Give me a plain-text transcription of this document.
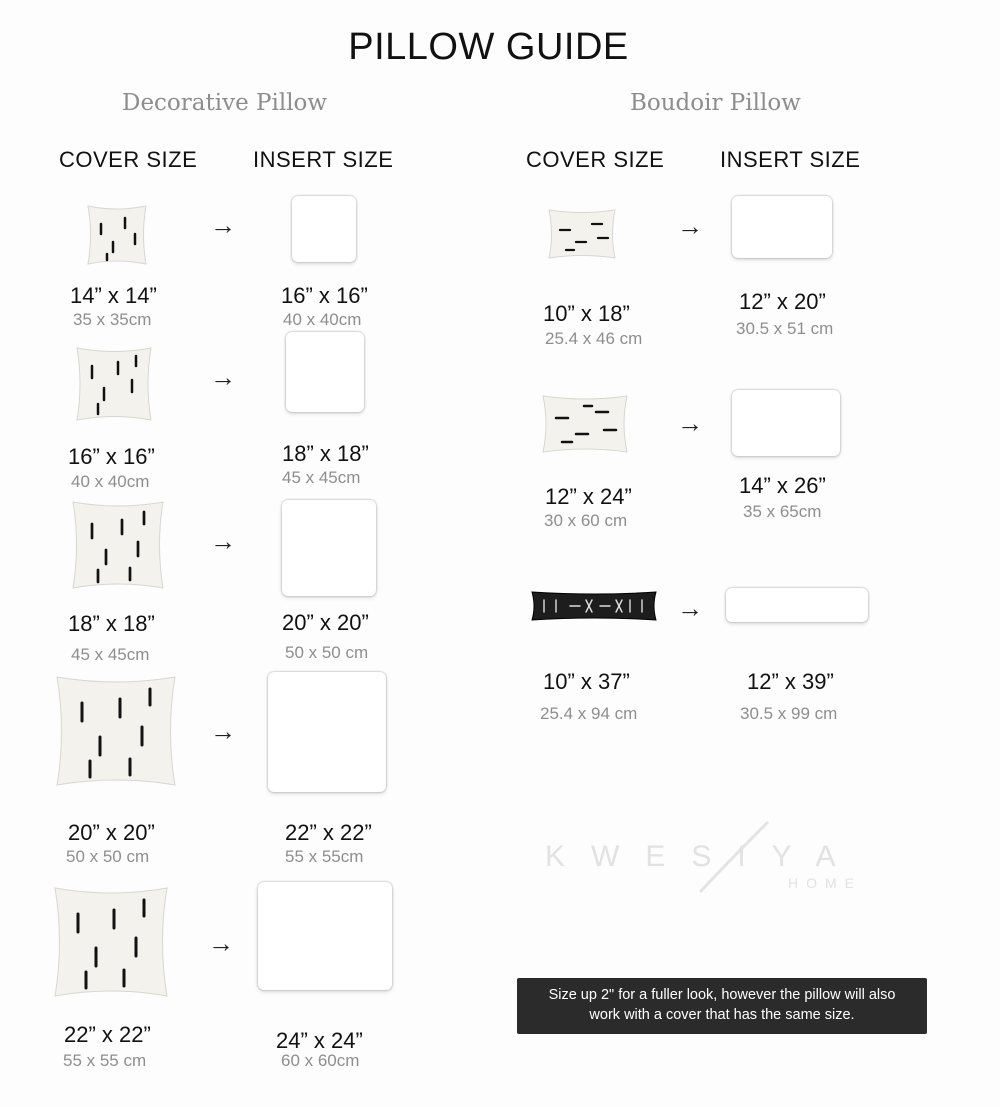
PILLOW GUIDE
Decorative Pillow	Boudoir Pillow
COVER SIZE	INSERT SIZE	COVER SIZE	INSERT SIZE
→
14” x 14”
35 x 35cm
16” x 16”
40 x 40cm
→
16” x 16”
40 x 40cm
18” x 18”
45 x 45cm
→
18” x 18”
45 x 45cm
20” x 20”
50 x 50 cm
→
20” x 20”
50 x 50 cm
22” x 22”
55 x 55cm
→
22” x 22”
55 x 55 cm
24” x 24”
60 x 60cm
→
10” x 18”
25.4 x 46 cm
12” x 20”
30.5 x 51 cm
→
12” x 24”
30 x 60 cm
14” x 26”
35 x 65cm
→
10” x 37”
25.4 x 94 cm
12” x 39”
30.5 x 99 cm
KWESIYA
HOME
Size up 2" for a fuller look, however the pillow will also
work with a cover that has the same size.
